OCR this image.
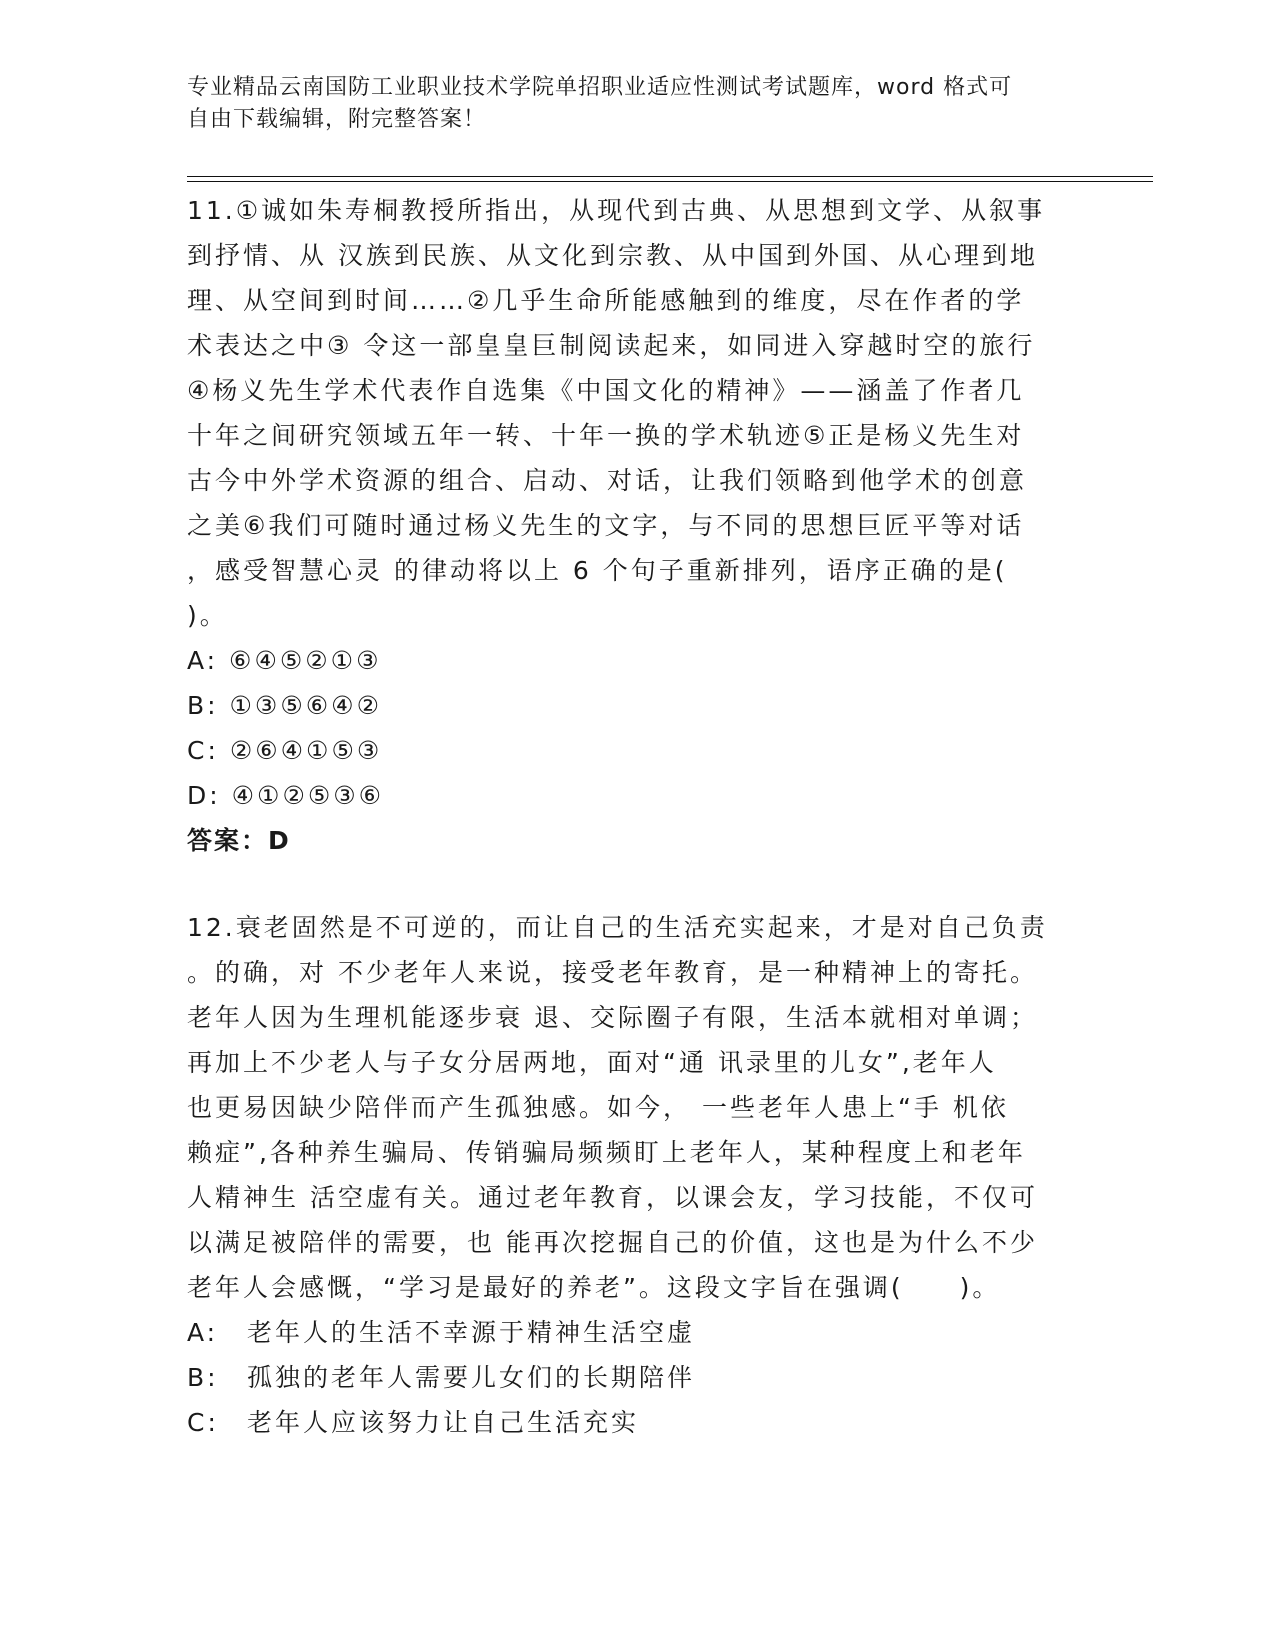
专业精品云南国防工业职业技术学院单招职业适应性测试考试题库，word 格式可
自由下载编辑，附完整答案！
11.①诚如朱寿桐教授所指出，从现代到古典、从思想到文学、从叙事
到抒情、从 汉族到民族、从文化到宗教、从中国到外国、从心理到地
理、从空间到时间……②几乎生命所能感触到的维度，尽在作者的学
术表达之中③ 令这一部皇皇巨制阅读起来，如同进入穿越时空的旅行
④杨义先生学术代表作自选集《中国文化的精神》——涵盖了作者几
十年之间研究领域五年一转、十年一换的学术轨迹⑤正是杨义先生对
古今中外学术资源的组合、启动、对话，让我们领略到他学术的创意
之美⑥我们可随时通过杨义先生的文字，与不同的思想巨匠平等对话
，感受智慧心灵 的律动将以上 6 个句子重新排列，语序正确的是(
)。
A: ⑥④⑤②①③
B: ①③⑤⑥④②
C: ②⑥④①⑤③
D: ④①②⑤③⑥
答案：D
12.衰老固然是不可逆的，而让自己的生活充实起来，才是对自己负责
。的确，对 不少老年人来说，接受老年教育，是一种精神上的寄托。
老年人因为生理机能逐步衰 退、交际圈子有限，生活本就相对单调；
再加上不少老人与子女分居两地，面对“通 讯录里的儿女”,老年人
也更易因缺少陪伴而产生孤独感。如今， 一些老年人患上“手 机依
赖症”,各种养生骗局、传销骗局频频盯上老年人，某种程度上和老年
人精神生 活空虚有关。通过老年教育，以课会友，学习技能，不仅可
以满足被陪伴的需要，也 能再次挖掘自己的价值，这也是为什么不少
老年人会感慨，“学习是最好的养老”。这段文字旨在强调(　　)。
A: 老年人的生活不幸源于精神生活空虚
B: 孤独的老年人需要儿女们的长期陪伴
C: 老年人应该努力让自己生活充实
